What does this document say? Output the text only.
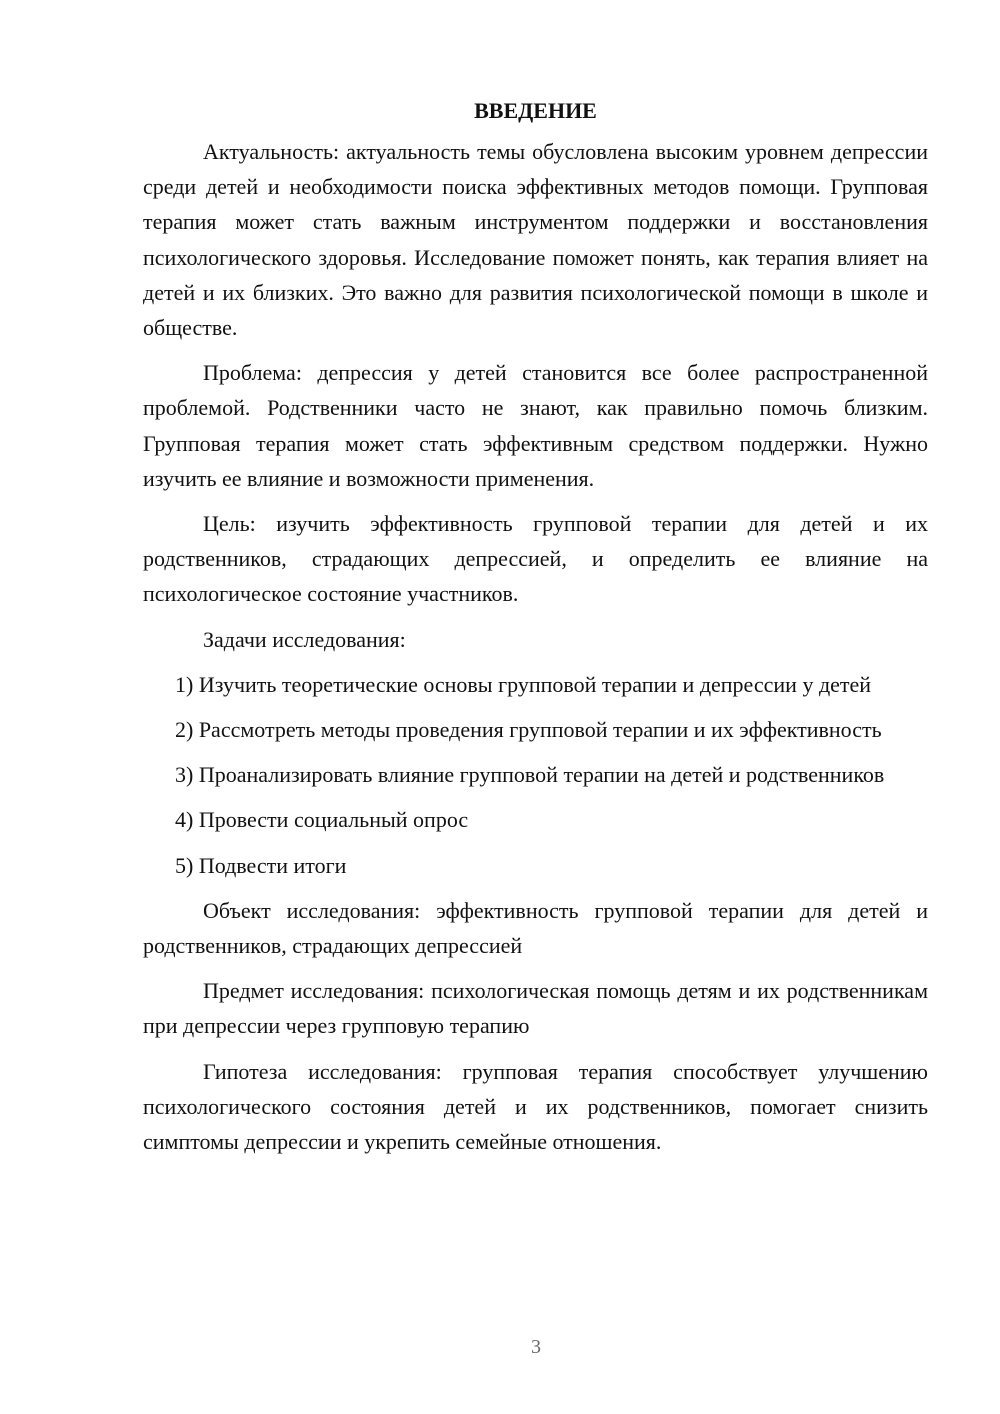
ВВЕДЕНИЕ

Актуальность: актуальность темы обусловлена высоким уровнем депрессии среди детей и необходимости поиска эффективных методов помощи. Групповая терапия может стать важным инструментом поддержки и восстановления психологического здоровья. Исследование поможет понять, как терапия влияет на детей и их близких. Это важно для развития психологической помощи в школе и обществе.

Проблема: депрессия у детей становится все более распространенной проблемой. Родственники часто не знают, как правильно помочь близким. Групповая терапия может стать эффективным средством поддержки. Нужно изучить ее влияние и возможности применения.

Цель: изучить эффективность групповой терапии для детей и их родственников, страдающих депрессией, и определить ее влияние на психологическое состояние участников.

Задачи исследования:

1) Изучить теоретические основы групповой терапии и депрессии у детей

2) Рассмотреть методы проведения групповой терапии и их эффективность

3) Проанализировать влияние групповой терапии на детей и родственников

4) Провести социальный опрос

5) Подвести итоги

Объект исследования: эффективность групповой терапии для детей и родственников, страдающих депрессией

Предмет исследования: психологическая помощь детям и их родственникам при депрессии через групповую терапию

Гипотеза исследования: групповая терапия способствует улучшению психологического состояния детей и их родственников, помогает снизить симптомы депрессии и укрепить семейные отношения.

3
